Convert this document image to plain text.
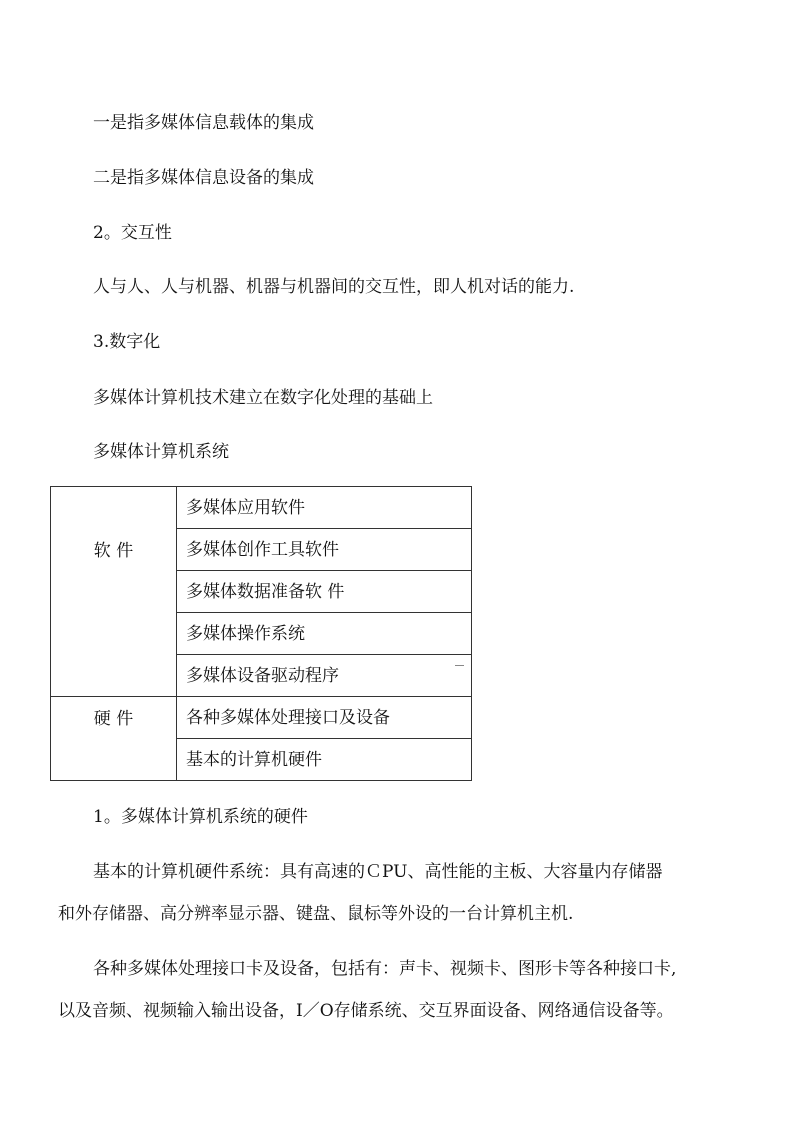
一是指多媒体信息载体的集成
二是指多媒体信息设备的集成
2。交互性
人与人、人与机器、机器与机器间的交互性，即人机对话的能力.
3.数字化
多媒体计算机技术建立在数字化处理的基础上
多媒体计算机系统
软 件	多媒体应用软件
	多媒体创作工具软件
	多媒体数据准备软 件
	多媒体操作系统
	多媒体设备驱动程序
硬 件	各种多媒体处理接口及设备
	基本的计算机硬件
1。多媒体计算机系统的硬件
基本的计算机硬件系统：具有高速的ＣPU、高性能的主板、大容量内存储器
和外存储器、高分辨率显示器、键盘、鼠标等外设的一台计算机主机.
各种多媒体处理接口卡及设备，包括有：声卡、视频卡、图形卡等各种接口卡,
以及音频、视频输入输出设备，I／O存储系统、交互界面设备、网络通信设备等。
